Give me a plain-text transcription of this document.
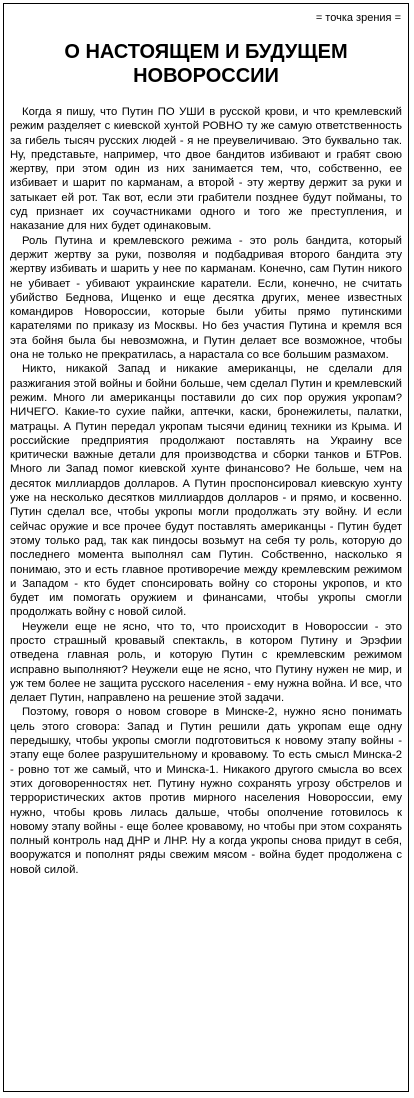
= точка зрения =
О НАСТОЯЩЕМ И БУДУЩЕМ НОВОРОССИИ

Когда я пишу, что Путин ПО УШИ в русской крови, и что кремлевский режим разделяет с киевской хунтой РОВНО ту же самую ответственность за гибель тысяч русских людей - я не преувеличиваю. Это буквально так. Ну, представьте, например, что двое бандитов избивают и грабят свою жертву, при этом один из них занимается тем, что, собственно, ее избивает и шарит по карманам, а второй - эту жертву держит за руки и затыкает ей рот. Так вот, если эти грабители позднее будут пойманы, то суд признает их соучастниками одного и того же преступления, и наказание для них будет одинаковым.

Роль Путина и кремлевского режима - это роль бандита, который держит жертву за руки, позволяя и подбадривая второго бандита эту жертву избивать и шарить у нее по карманам. Конечно, сам Путин никого не убивает - убивают украинские каратели. Если, конечно, не считать убийство Беднова, Ищенко и еще десятка других, менее известных командиров Новороссии, которые были убиты прямо путинскими карателями по приказу из Москвы. Но без участия Путина и кремля вся эта бойня была бы невозможна, и Путин делает все возможное, чтобы она не только не прекратилась, а нарастала со все большим размахом.

Никто, никакой Запад и никакие американцы, не сделали для разжигания этой войны и бойни больше, чем сделал Путин и кремлевский режим. Много ли американцы поставили до сих пор оружия укропам? НИЧЕГО. Какие-то сухие пайки, аптечки, каски, бронежилеты, палатки, матрацы. А Путин передал укропам тысячи единиц техники из Крыма. И российские предприятия продолжают поставлять на Украину все критически важные детали для производства и сборки танков и БТРов. Много ли Запад помог киевской хунте финансово? Не больше, чем на десяток миллиардов долларов. А Путин проспонсировал киевскую хунту уже на несколько десятков миллиардов долларов - и прямо, и косвенно. Путин сделал все, чтобы укропы могли продолжать эту войну. И если сейчас оружие и все прочее будут поставлять американцы - Путин будет этому только рад, так как пиндосы возьмут на себя ту роль, которую до последнего момента выполнял сам Путин. Собственно, насколько я понимаю, это и есть главное противоречие между кремлевским режимом и Западом - кто будет спонсировать войну со стороны укропов, и кто будет им помогать оружием и финансами, чтобы укропы смогли продолжать войну с новой силой.

Неужели еще не ясно, что то, что происходит в Новороссии - это просто страшный кровавый спектакль, в котором Путину и Эрэфии отведена главная роль, и которую Путин с кремлевским режимом исправно выполняют? Неужели еще не ясно, что Путину нужен не мир, и уж тем более не защита русского населения - ему нужна война. И все, что делает Путин, направлено на решение этой задачи.

Поэтому, говоря о новом сговоре в Минске-2, нужно ясно понимать цель этого сговора: Запад и Путин решили дать укропам еще одну передышку, чтобы укропы смогли подготовиться к новому этапу войны - этапу еще более разрушительному и кровавому. То есть смысл Минска-2 - ровно тот же самый, что и Минска-1. Никакого другого смысла во всех этих договоренностях нет. Путину нужно сохранять угрозу обстрелов и террористических актов против мирного населения Новороссии, ему нужно, чтобы кровь лилась дальше, чтобы ополчение готовилось к новому этапу войны - еще более кровавому, но чтобы при этом сохранять полный контроль над ДНР и ЛНР. Ну а когда укропы снова придут в себя, вооружатся и пополнят ряды свежим мясом - война будет продолжена с новой силой.
